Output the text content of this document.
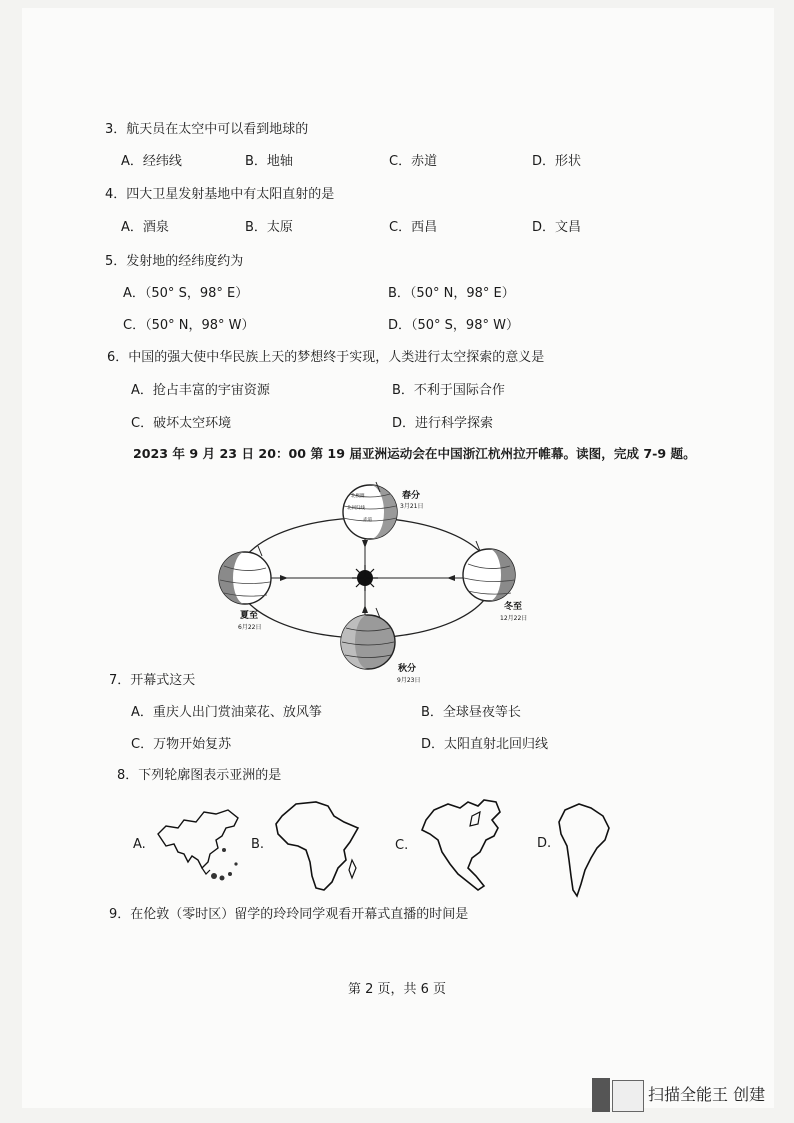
3．航天员在太空中可以看到地球的
A．经纬线	B．地轴	C．赤道	D．形状
4．四大卫星发射基地中有太阳直射的是
A．酒泉	B．太原	C．西昌	D．文昌
5．发射地的经纬度约为
A．（50° S，98° E）	B．（50° N，98° E）
C．（50° N，98° W）	D．（50° S，98° W）
6．中国的强大使中华民族上天的梦想终于实现，人类进行太空探索的意义是
A．抢占丰富的宇宙资源	B．不利于国际合作
C．破坏太空环境	D．进行科学探索
2023 年 9 月 23 日 20：00 第 19 届亚洲运动会在中国浙江杭州拉开帷幕。读图，完成 7-9 题。
北极圈
北回归线
赤道
春分
3月21日
夏至
6月22日
冬至
12月22日
秋分
9月23日
7．开幕式这天
A．重庆人出门赏油菜花、放风筝	B．全球昼夜等长
C．万物开始复苏	D．太阳直射北回归线
8．下列轮廓图表示亚洲的是
A.	B.	C.	D.
9．在伦敦（零时区）留学的玲玲同学观看开幕式直播的时间是
第 2 页，共 6 页
扫描全能王 创建
